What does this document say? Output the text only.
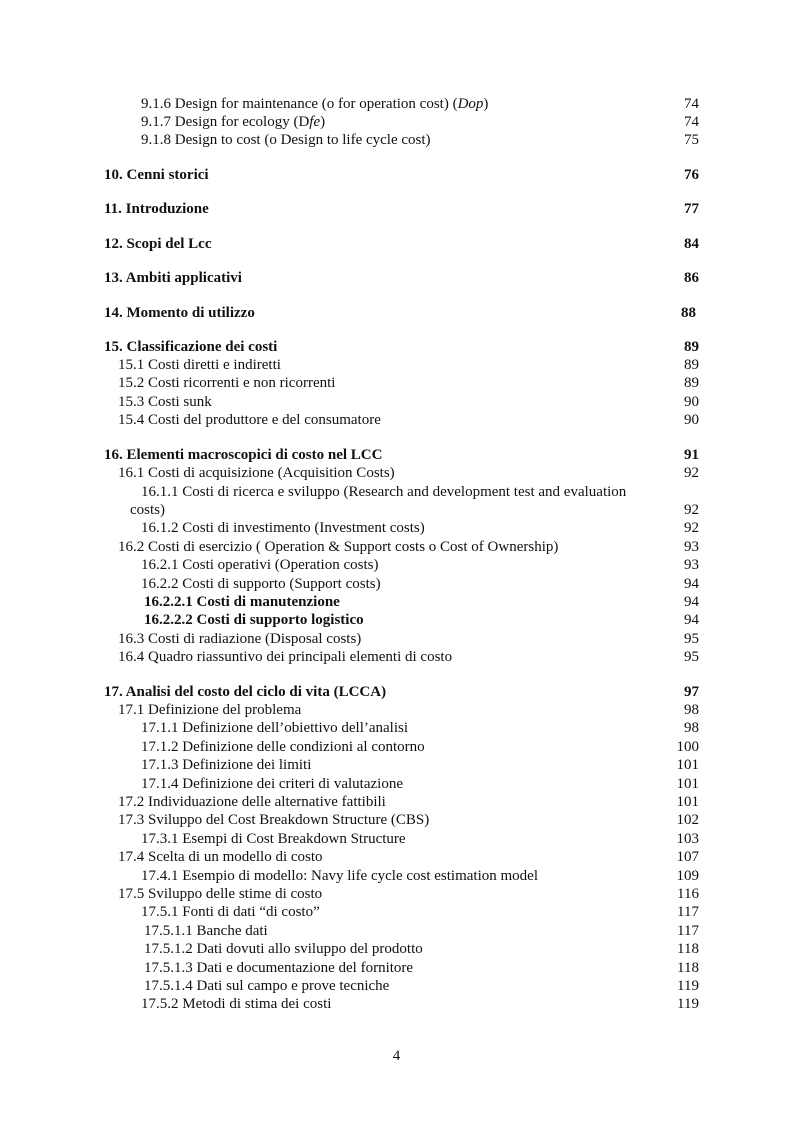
9.1.6 Design for maintenance (o for operation cost) (Dop)	74
9.1.7 Design for ecology (Dfe)	74
9.1.8 Design to cost (o Design to life cycle cost)	75
10. Cenni storici	76
11. Introduzione	77
12. Scopi del Lcc	84
13. Ambiti applicativi	86
14. Momento di utilizzo	88
15. Classificazione dei costi	89
15.1 Costi diretti e indiretti	89
15.2 Costi ricorrenti e non ricorrenti	89
15.3 Costi sunk	90
15.4 Costi del produttore e del consumatore	90
16. Elementi macroscopici di costo nel LCC	91
16.1 Costi di acquisizione (Acquisition Costs)	92
16.1.1 Costi di ricerca e sviluppo (Research and development test and evaluation
costs)	92
16.1.2 Costi di investimento (Investment costs)	92
16.2 Costi di esercizio ( Operation & Support costs o Cost of Ownership)	93
16.2.1 Costi operativi (Operation costs)	93
16.2.2 Costi di supporto (Support costs)	94
16.2.2.1 Costi di manutenzione	94
16.2.2.2 Costi di supporto logistico	94
16.3 Costi di radiazione (Disposal costs)	95
16.4 Quadro riassuntivo dei principali elementi di costo	95
17. Analisi del costo del ciclo di vita (LCCA)	97
17.1 Definizione del problema	98
17.1.1 Definizione dell’obiettivo dell’analisi	98
17.1.2 Definizione delle condizioni al contorno	100
17.1.3 Definizione dei limiti	101
17.1.4 Definizione dei criteri di valutazione	101
17.2 Individuazione delle alternative fattibili	101
17.3 Sviluppo del Cost Breakdown Structure (CBS)	102
17.3.1 Esempi di Cost Breakdown Structure	103
17.4 Scelta di un modello di costo	107
17.4.1 Esempio di modello: Navy life cycle cost estimation model	109
17.5 Sviluppo delle stime di costo	116
17.5.1 Fonti di dati “di costo”	117
17.5.1.1 Banche dati	117
17.5.1.2 Dati dovuti allo sviluppo del prodotto	118
17.5.1.3 Dati e documentazione del fornitore	118
17.5.1.4 Dati sul campo e prove tecniche	119
17.5.2 Metodi di stima dei costi	119
4
